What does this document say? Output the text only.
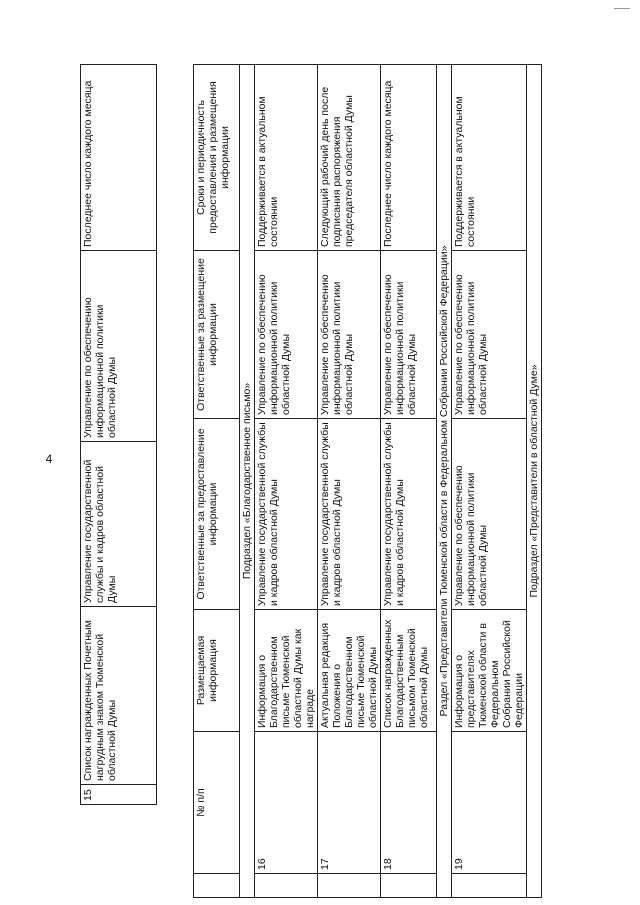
4
15	Список награжденных Почетным нагрудным знаком Тюменской областной Думы	Управление государственной службы и кадров областной Думы	Управление по обеспечению информационной политики областной Думы	Последнее число каждого месяца
	№ п/п	Размещаемая информация	Ответственные за предоставление информации	Ответственные за размещение информации	Сроки и периодичность предоставления и размещения информации
Подраздел «Благодарственное письмо»					
	16	Информация о Благодарственном письме Тюменской областной Думы как награде	Управление государственной службы и кадров областной Думы	Управление по обеспечению информационной политики областной Думы	Поддерживается в актуальном состоянии
	17	Актуальная редакция Положения о Благодарственном письме Тюменской областной Думы	Управление государственной службы и кадров областной Думы	Управление по обеспечению информационной политики областной Думы	Следующий рабочий день после подписания распоряжения председателя областной Думы
	18	Список награжденных Благодарственным письмом Тюменской областной Думы	Управление государственной службы и кадров областной Думы	Управление по обеспечению информационной политики областной Думы	Последнее число каждого месяца
Раздел «Представители Тюменской области в Федеральном Собрании Российской Федерации»					
	19	Информация о представителях Тюменской области в Федеральном Собрании Российской Федерации	Управление по обеспечению информационной политики областной Думы	Управление по обеспечению информационной политики областной Думы	Поддерживается в актуальном состоянии
Подраздел «Представители в областной Думе»					
